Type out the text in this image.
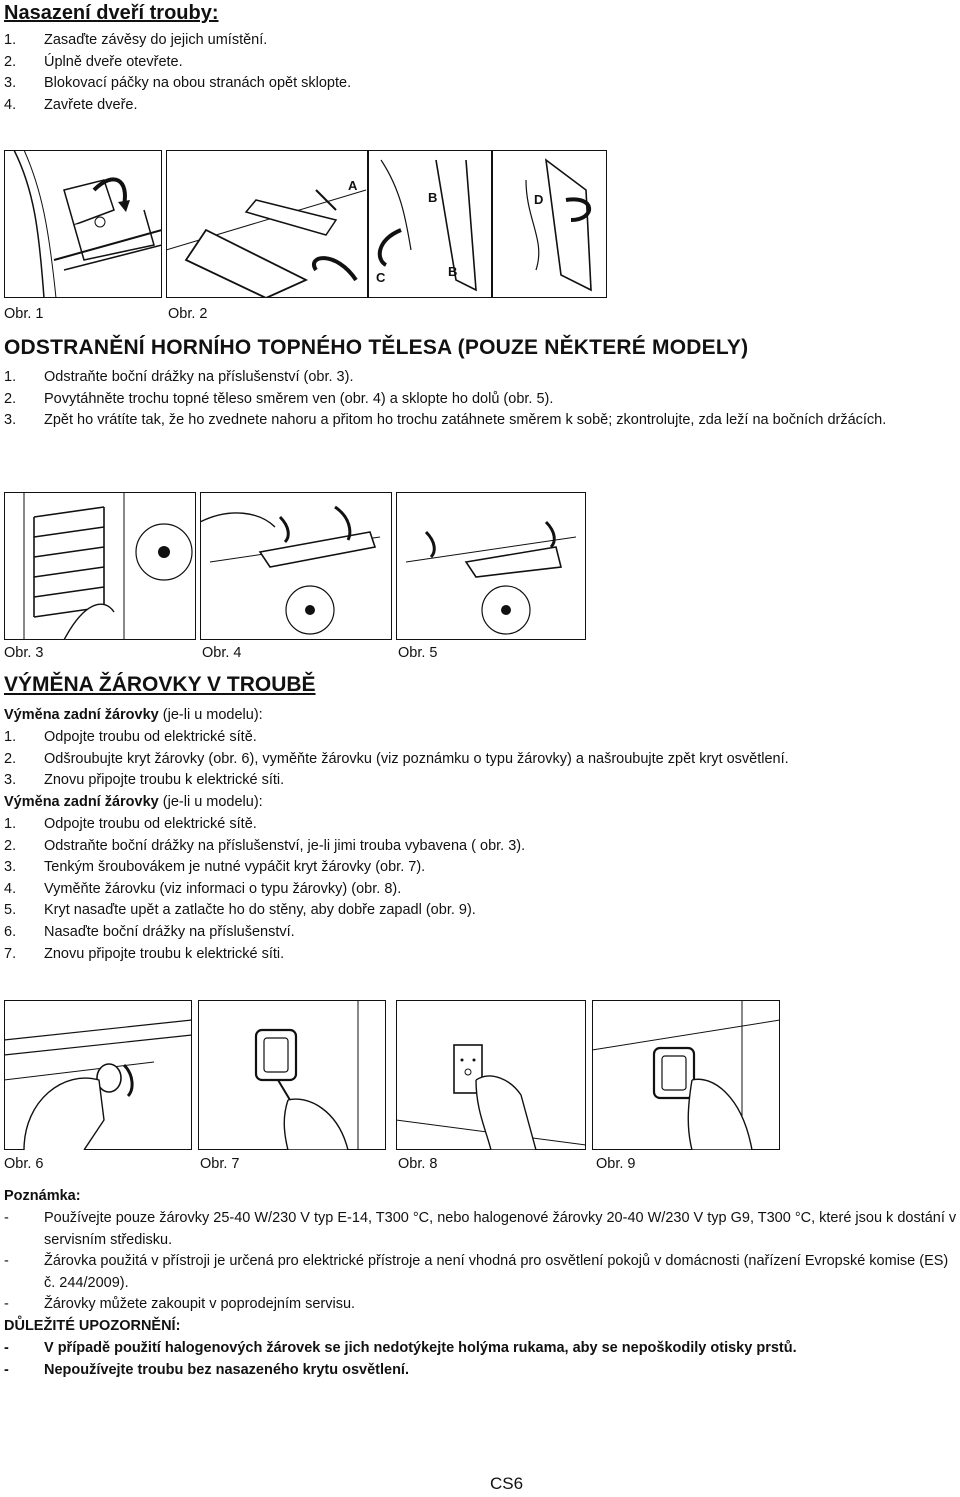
Nasazení dveří trouby:
1. Zasaďte závěsy do jejich umístění.
2. Úplně dveře otevřete.
3. Blokovací páčky na obou stranách opět sklopte.
4. Zavřete dveře.
A
B
B
C
D
Obr. 1	Obr. 2
ODSTRANĚNÍ HORNÍHO TOPNÉHO TĚLESA (POUZE NĚKTERÉ MODELY)
1. Odstraňte boční drážky na příslušenství (obr. 3).
2. Povytáhněte trochu topné těleso směrem ven (obr. 4) a sklopte ho dolů (obr. 5).
3. Zpět ho vrátíte tak, že ho zvednete nahoru a přitom ho trochu zatáhnete směrem k sobě; zkontrolujte, zda leží na bočních držácích.
Obr. 3	Obr. 4	Obr. 5
VÝMĚNA ŽÁROVKY V TROUBĚ
Výměna zadní žárovky (je-li u modelu):
1. Odpojte troubu od elektrické sítě.
2. Odšroubujte kryt žárovky (obr. 6), vyměňte žárovku (viz poznámku o typu žárovky) a našroubujte zpět kryt osvětlení.
3. Znovu připojte troubu k elektrické síti.
Výměna zadní žárovky (je-li u modelu):
1. Odpojte troubu od elektrické sítě.
2. Odstraňte boční drážky na příslušenství, je-li jimi trouba vybavena ( obr. 3).
3. Tenkým šroubovákem je nutné vypáčit kryt žárovky (obr. 7).
4. Vyměňte žárovku (viz informaci o typu žárovky) (obr. 8).
5. Kryt nasaďte upět a zatlačte ho do stěny, aby dobře zapadl (obr. 9).
6. Nasaďte boční drážky na příslušenství.
7. Znovu připojte troubu k elektrické síti.
Obr. 6	Obr. 7	Obr. 8	Obr. 9
Poznámka:
- Používejte pouze žárovky 25-40 W/230 V typ E-14, T300 °C, nebo halogenové žárovky 20-40 W/230 V typ G9, T300 °C, které jsou k dostání v servisním středisku.
- Žárovka použitá v přístroji je určená pro elektrické přístroje a není vhodná pro osvětlení pokojů v domácnosti (nařízení Evropské komise (ES) č. 244/2009).
- Žárovky můžete zakoupit v poprodejním servisu.
DŮLEŽITÉ UPOZORNĚNÍ:
- V případě použití halogenových žárovek se jich nedotýkejte holýma rukama, aby se nepoškodily otisky prstů.
- Nepoužívejte troubu bez nasazeného krytu osvětlení.
CS6
